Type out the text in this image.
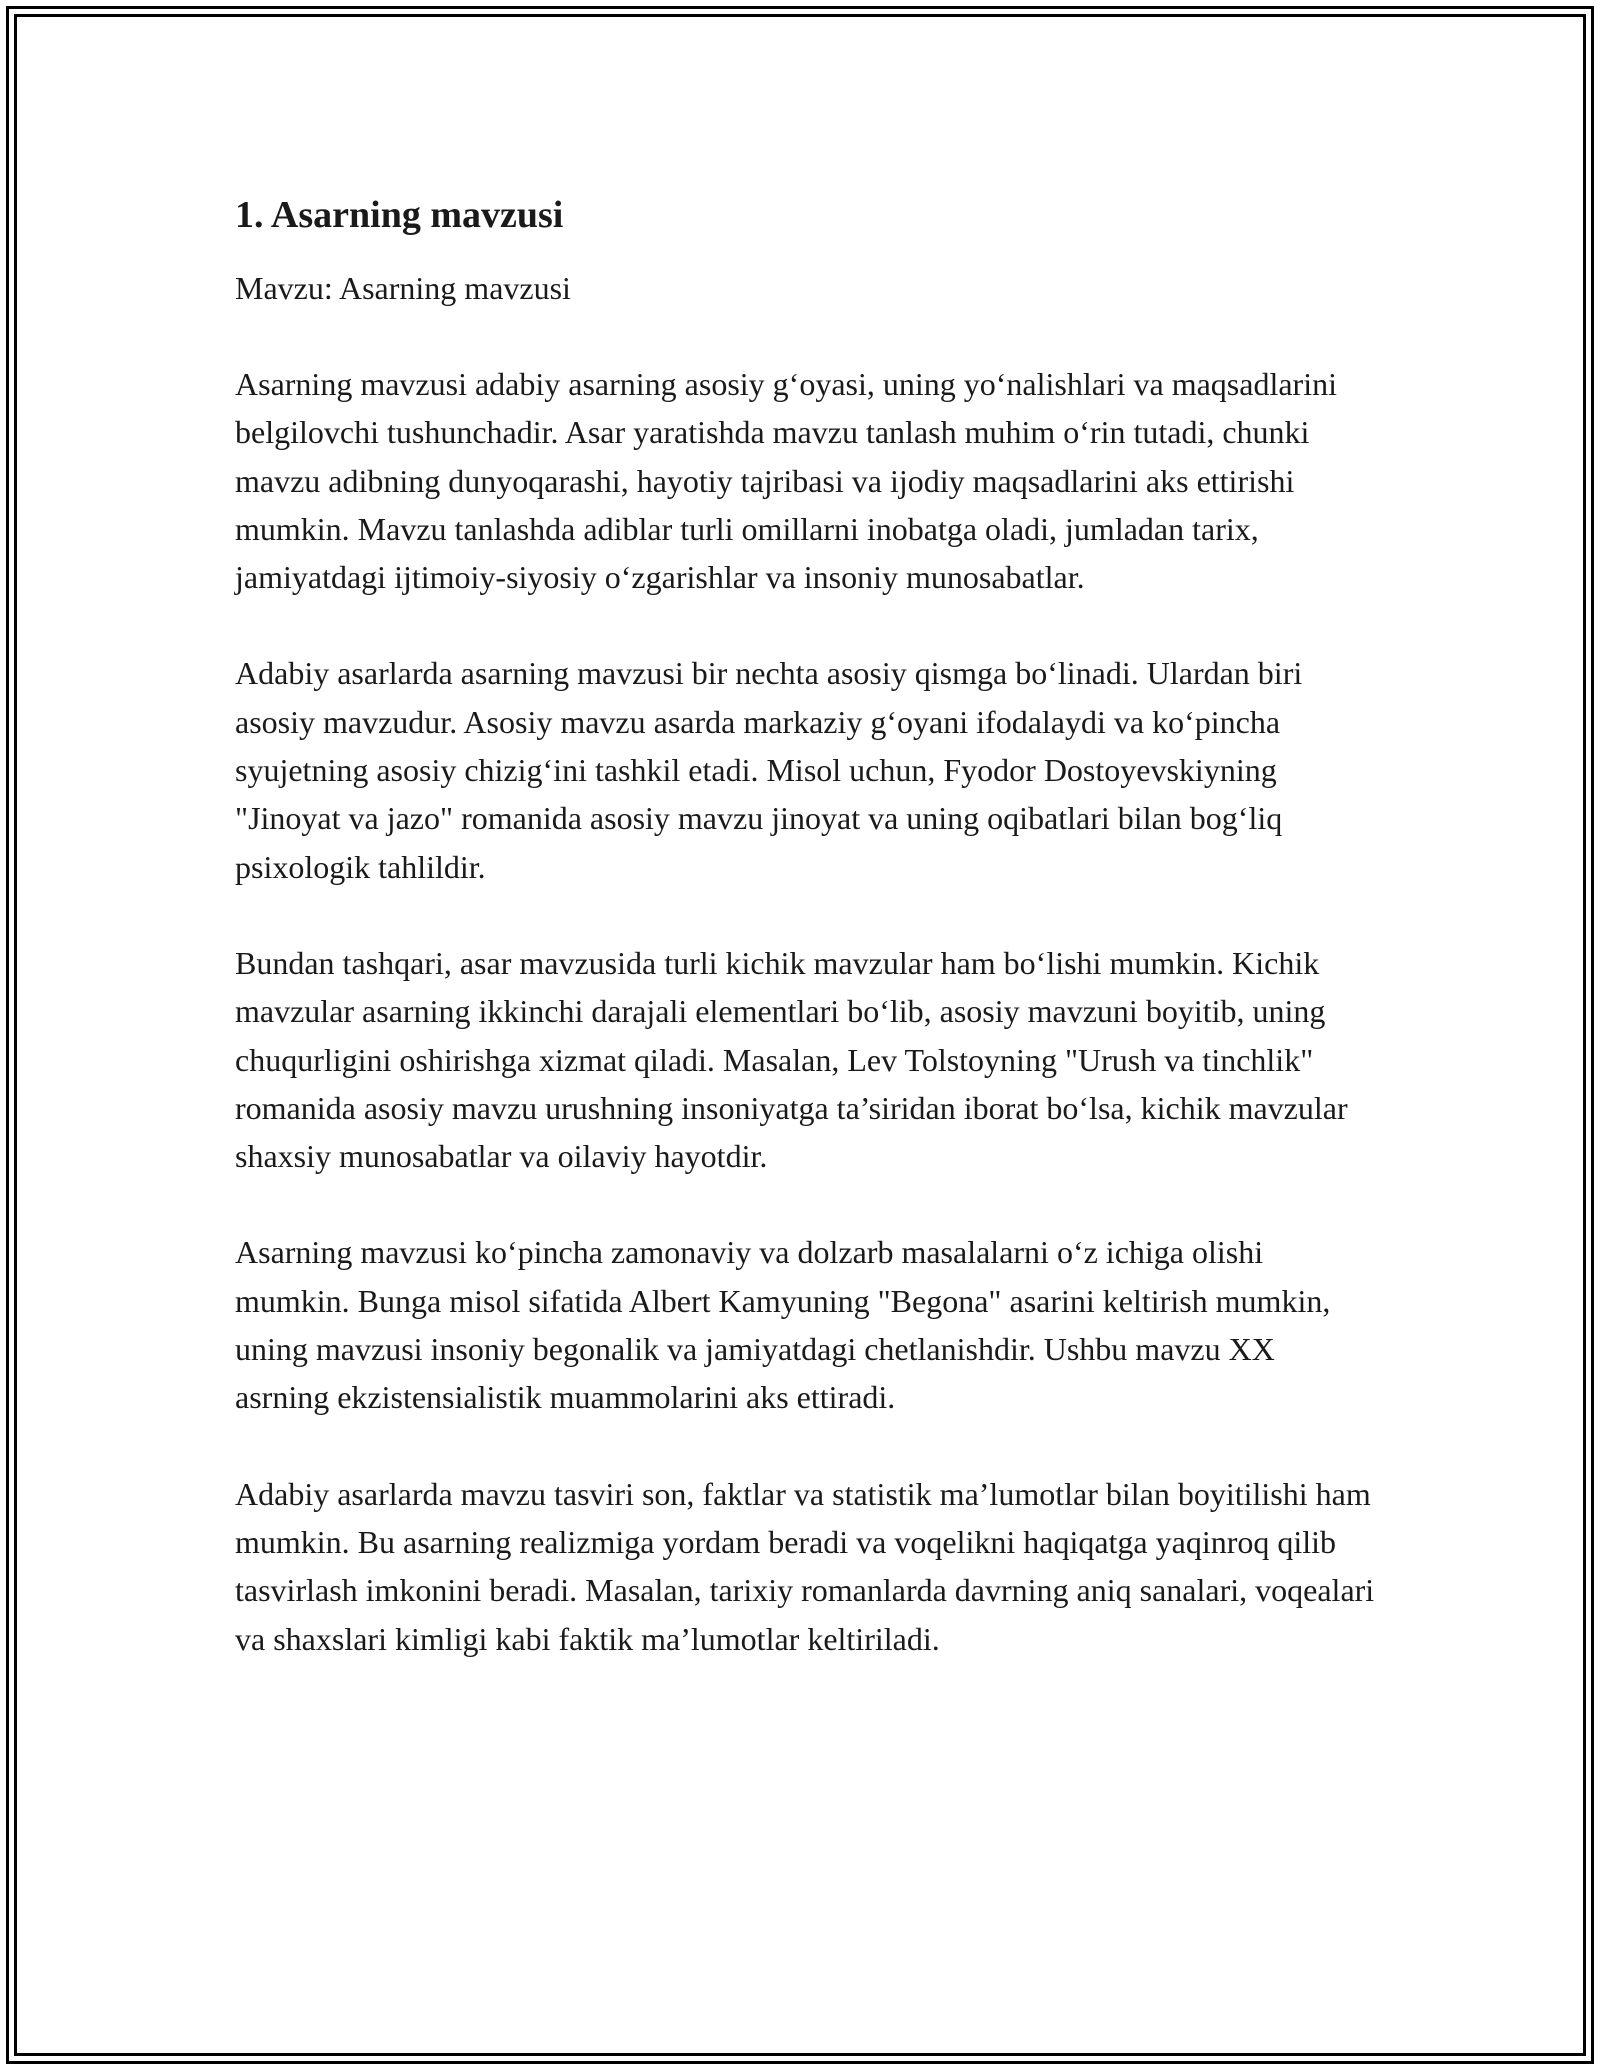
1. Asarning mavzusi

Mavzu: Asarning mavzusi

Asarning mavzusi adabiy asarning asosiy g‘oyasi, uning yo‘nalishlari va maqsadlarini belgilovchi tushunchadir. Asar yaratishda mavzu tanlash muhim o‘rin tutadi, chunki mavzu adibning dunyoqarashi, hayotiy tajribasi va ijodiy maqsadlarini aks ettirishi mumkin. Mavzu tanlashda adiblar turli omillarni inobatga oladi, jumladan tarix, jamiyatdagi ijtimoiy-siyosiy o‘zgarishlar va insoniy munosabatlar.

Adabiy asarlarda asarning mavzusi bir nechta asosiy qismga bo‘linadi. Ulardan biri asosiy mavzudur. Asosiy mavzu asarda markaziy g‘oyani ifodalaydi va ko‘pincha syujetning asosiy chizig‘ini tashkil etadi. Misol uchun, Fyodor Dostoyevskiyning "Jinoyat va jazo" romanida asosiy mavzu jinoyat va uning oqibatlari bilan bog‘liq psixologik tahlildir.

Bundan tashqari, asar mavzusida turli kichik mavzular ham bo‘lishi mumkin. Kichik mavzular asarning ikkinchi darajali elementlari bo‘lib, asosiy mavzuni boyitib, uning chuqurligini oshirishga xizmat qiladi. Masalan, Lev Tolstoyning "Urush va tinchlik" romanida asosiy mavzu urushning insoniyatga ta’siridan iborat bo‘lsa, kichik mavzular shaxsiy munosabatlar va oilaviy hayotdir.

Asarning mavzusi ko‘pincha zamonaviy va dolzarb masalalarni o‘z ichiga olishi mumkin. Bunga misol sifatida Albert Kamyuning "Begona" asarini keltirish mumkin, uning mavzusi insoniy begonalik va jamiyatdagi chetlanishdir. Ushbu mavzu XX asrning ekzistensialistik muammolarini aks ettiradi.

Adabiy asarlarda mavzu tasviri son, faktlar va statistik ma’lumotlar bilan boyitilishi ham mumkin. Bu asarning realizmiga yordam beradi va voqelikni haqiqatga yaqinroq qilib tasvirlash imkonini beradi. Masalan, tarixiy romanlarda davrning aniq sanalari, voqealari va shaxslari kimligi kabi faktik ma’lumotlar keltiriladi.
